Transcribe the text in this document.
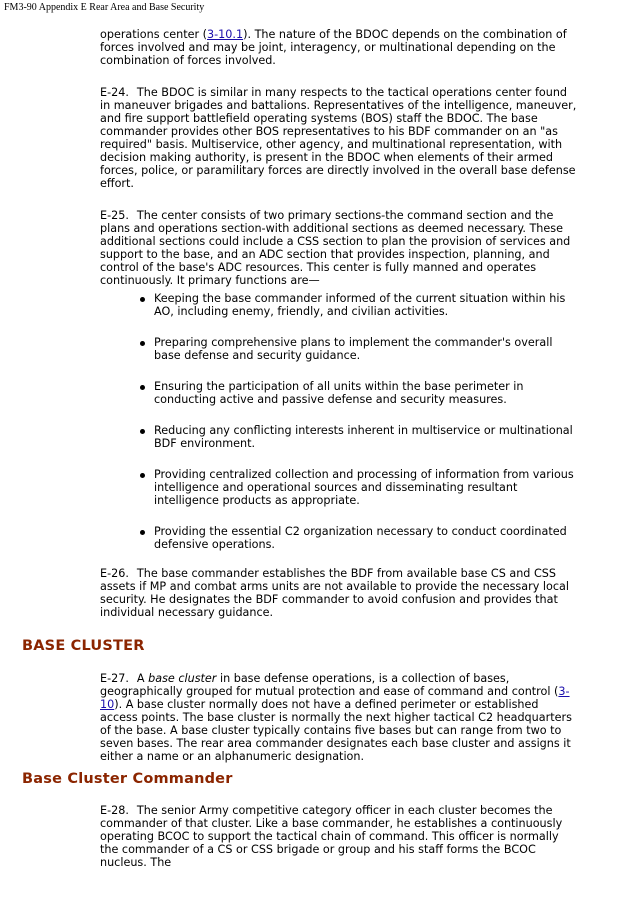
FM3-90 Appendix E Rear Area and Base Security

operations center (3-10.1). The nature of the BDOC depends on the combination of forces involved and may be joint, interagency, or multinational depending on the combination of forces involved.

E-24. The BDOC is similar in many respects to the tactical operations center found in maneuver brigades and battalions. Representatives of the intelligence, maneuver, and fire support battlefield operating systems (BOS) staff the BDOC. The base commander provides other BOS representatives to his BDF commander on an "as required" basis. Multiservice, other agency, and multinational representation, with decision making authority, is present in the BDOC when elements of their armed forces, police, or paramilitary forces are directly involved in the overall base defense effort.

E-25. The center consists of two primary sections-the command section and the plans and operations section-with additional sections as deemed necessary. These additional sections could include a CSS section to plan the provision of services and support to the base, and an ADC section that provides inspection, planning, and control of the base's ADC resources. This center is fully manned and operates continuously. It primary functions are—

Keeping the base commander informed of the current situation within his AO, including enemy, friendly, and civilian activities.
Preparing comprehensive plans to implement the commander's overall base defense and security guidance.
Ensuring the participation of all units within the base perimeter in conducting active and passive defense and security measures.
Reducing any conflicting interests inherent in multiservice or multinational BDF environment.
Providing centralized collection and processing of information from various intelligence and operational sources and disseminating resultant intelligence products as appropriate.
Providing the essential C2 organization necessary to conduct coordinated defensive operations.

E-26. The base commander establishes the BDF from available base CS and CSS assets if MP and combat arms units are not available to provide the necessary local security. He designates the BDF commander to avoid confusion and provides that individual necessary guidance.

BASE CLUSTER

E-27. A base cluster in base defense operations, is a collection of bases, geographically grouped for mutual protection and ease of command and control (3-10). A base cluster normally does not have a defined perimeter or established access points. The base cluster is normally the next higher tactical C2 headquarters of the base. A base cluster typically contains five bases but can range from two to seven bases. The rear area commander designates each base cluster and assigns it either a name or an alphanumeric designation.

Base Cluster Commander

E-28. The senior Army competitive category officer in each cluster becomes the commander of that cluster. Like a base commander, he establishes a continuously operating BCOC to support the tactical chain of command. This officer is normally the commander of a CS or CSS brigade or group and his staff forms the BCOC nucleus. The
